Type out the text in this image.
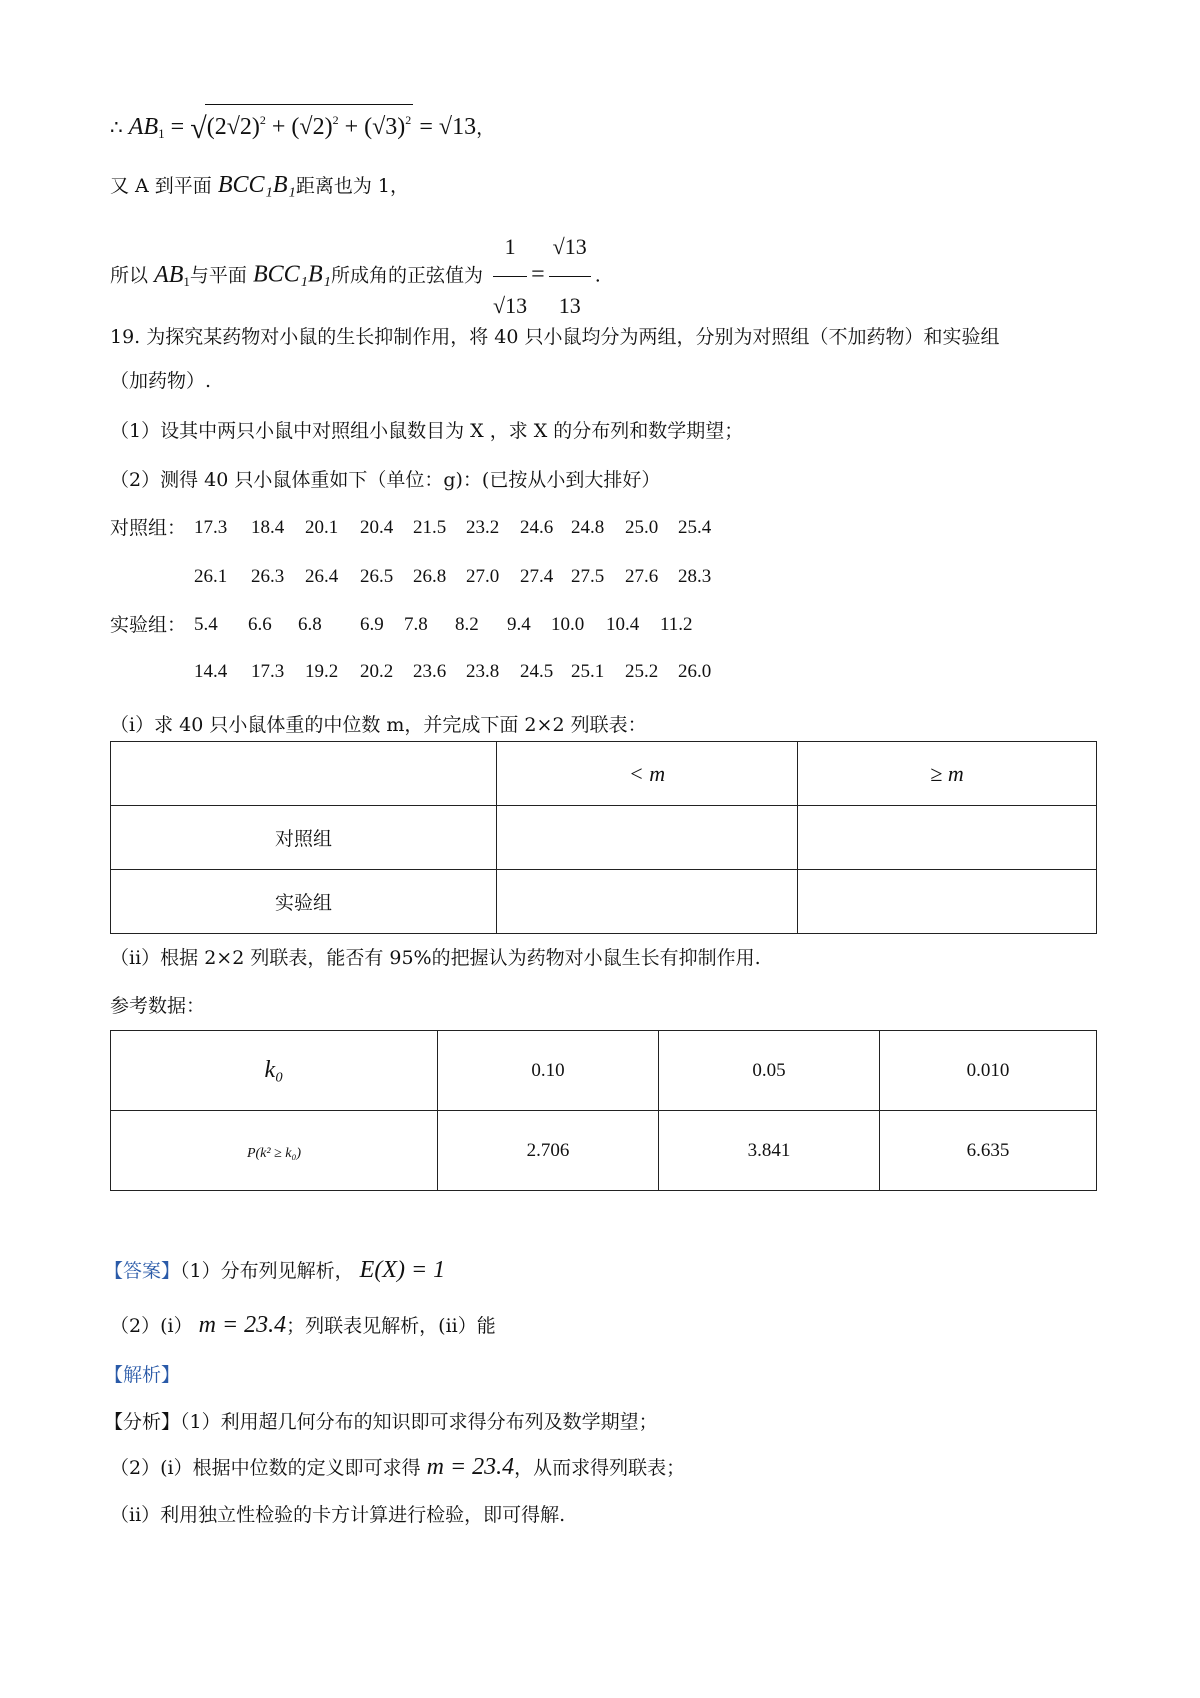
∴ $AB_1 = √(2√2)^2 + (√2)^2 + (√3)^2 = √13$，
又 A 到平面 BCC₁B₁距离也为 1，
所以 $AB_1$与平面 BCC₁B₁所成角的正弦值为 $\frac{1}{√13} = \frac{√13}{13}$ .
19. 为探究某药物对小鼠的生长抑制作用，将 40 只小鼠均分为两组，分别为对照组（不加药物）和实验组
（加药物）.
（1）设其中两只小鼠中对照组小鼠数目为 X ，求 X 的分布列和数学期望；
（2）测得 40 只小鼠体重如下（单位：g)：(已按从小到大排好）
对照组： 17.3 18.4 20.1 20.4 21.5 23.2 24.6 24.8 25.0 25.4
26.1 26.3 26.4 26.5 26.8 27.0 27.4 27.5 27.6 28.3
实验组： 5.4 6.6 6.8 6.9 7.8 8.2 9.4 10.0 10.4 11.2
14.4 17.3 19.2 20.2 23.6 23.8 24.5 25.1 25.2 26.0
（i）求 40 只小鼠体重的中位数 m，并完成下面 2×2 列联表：
	< m	≥ m
对照组		
实验组		
（ii）根据 2×2 列联表，能否有 95%的把握认为药物对小鼠生长有抑制作用.
参考数据：
k₀	0.10	0.05	0.010
P(k² ≥ k₀)	2.706	3.841	6.635
【答案】（1）分布列见解析， E(X) = 1
（2）(i） m = 23.4；列联表见解析，(ii）能
【解析】
【分析】（1）利用超几何分布的知识即可求得分布列及数学期望；
（2）(i）根据中位数的定义即可求得 m = 23.4，从而求得列联表；
（ii）利用独立性检验的卡方计算进行检验，即可得解.
